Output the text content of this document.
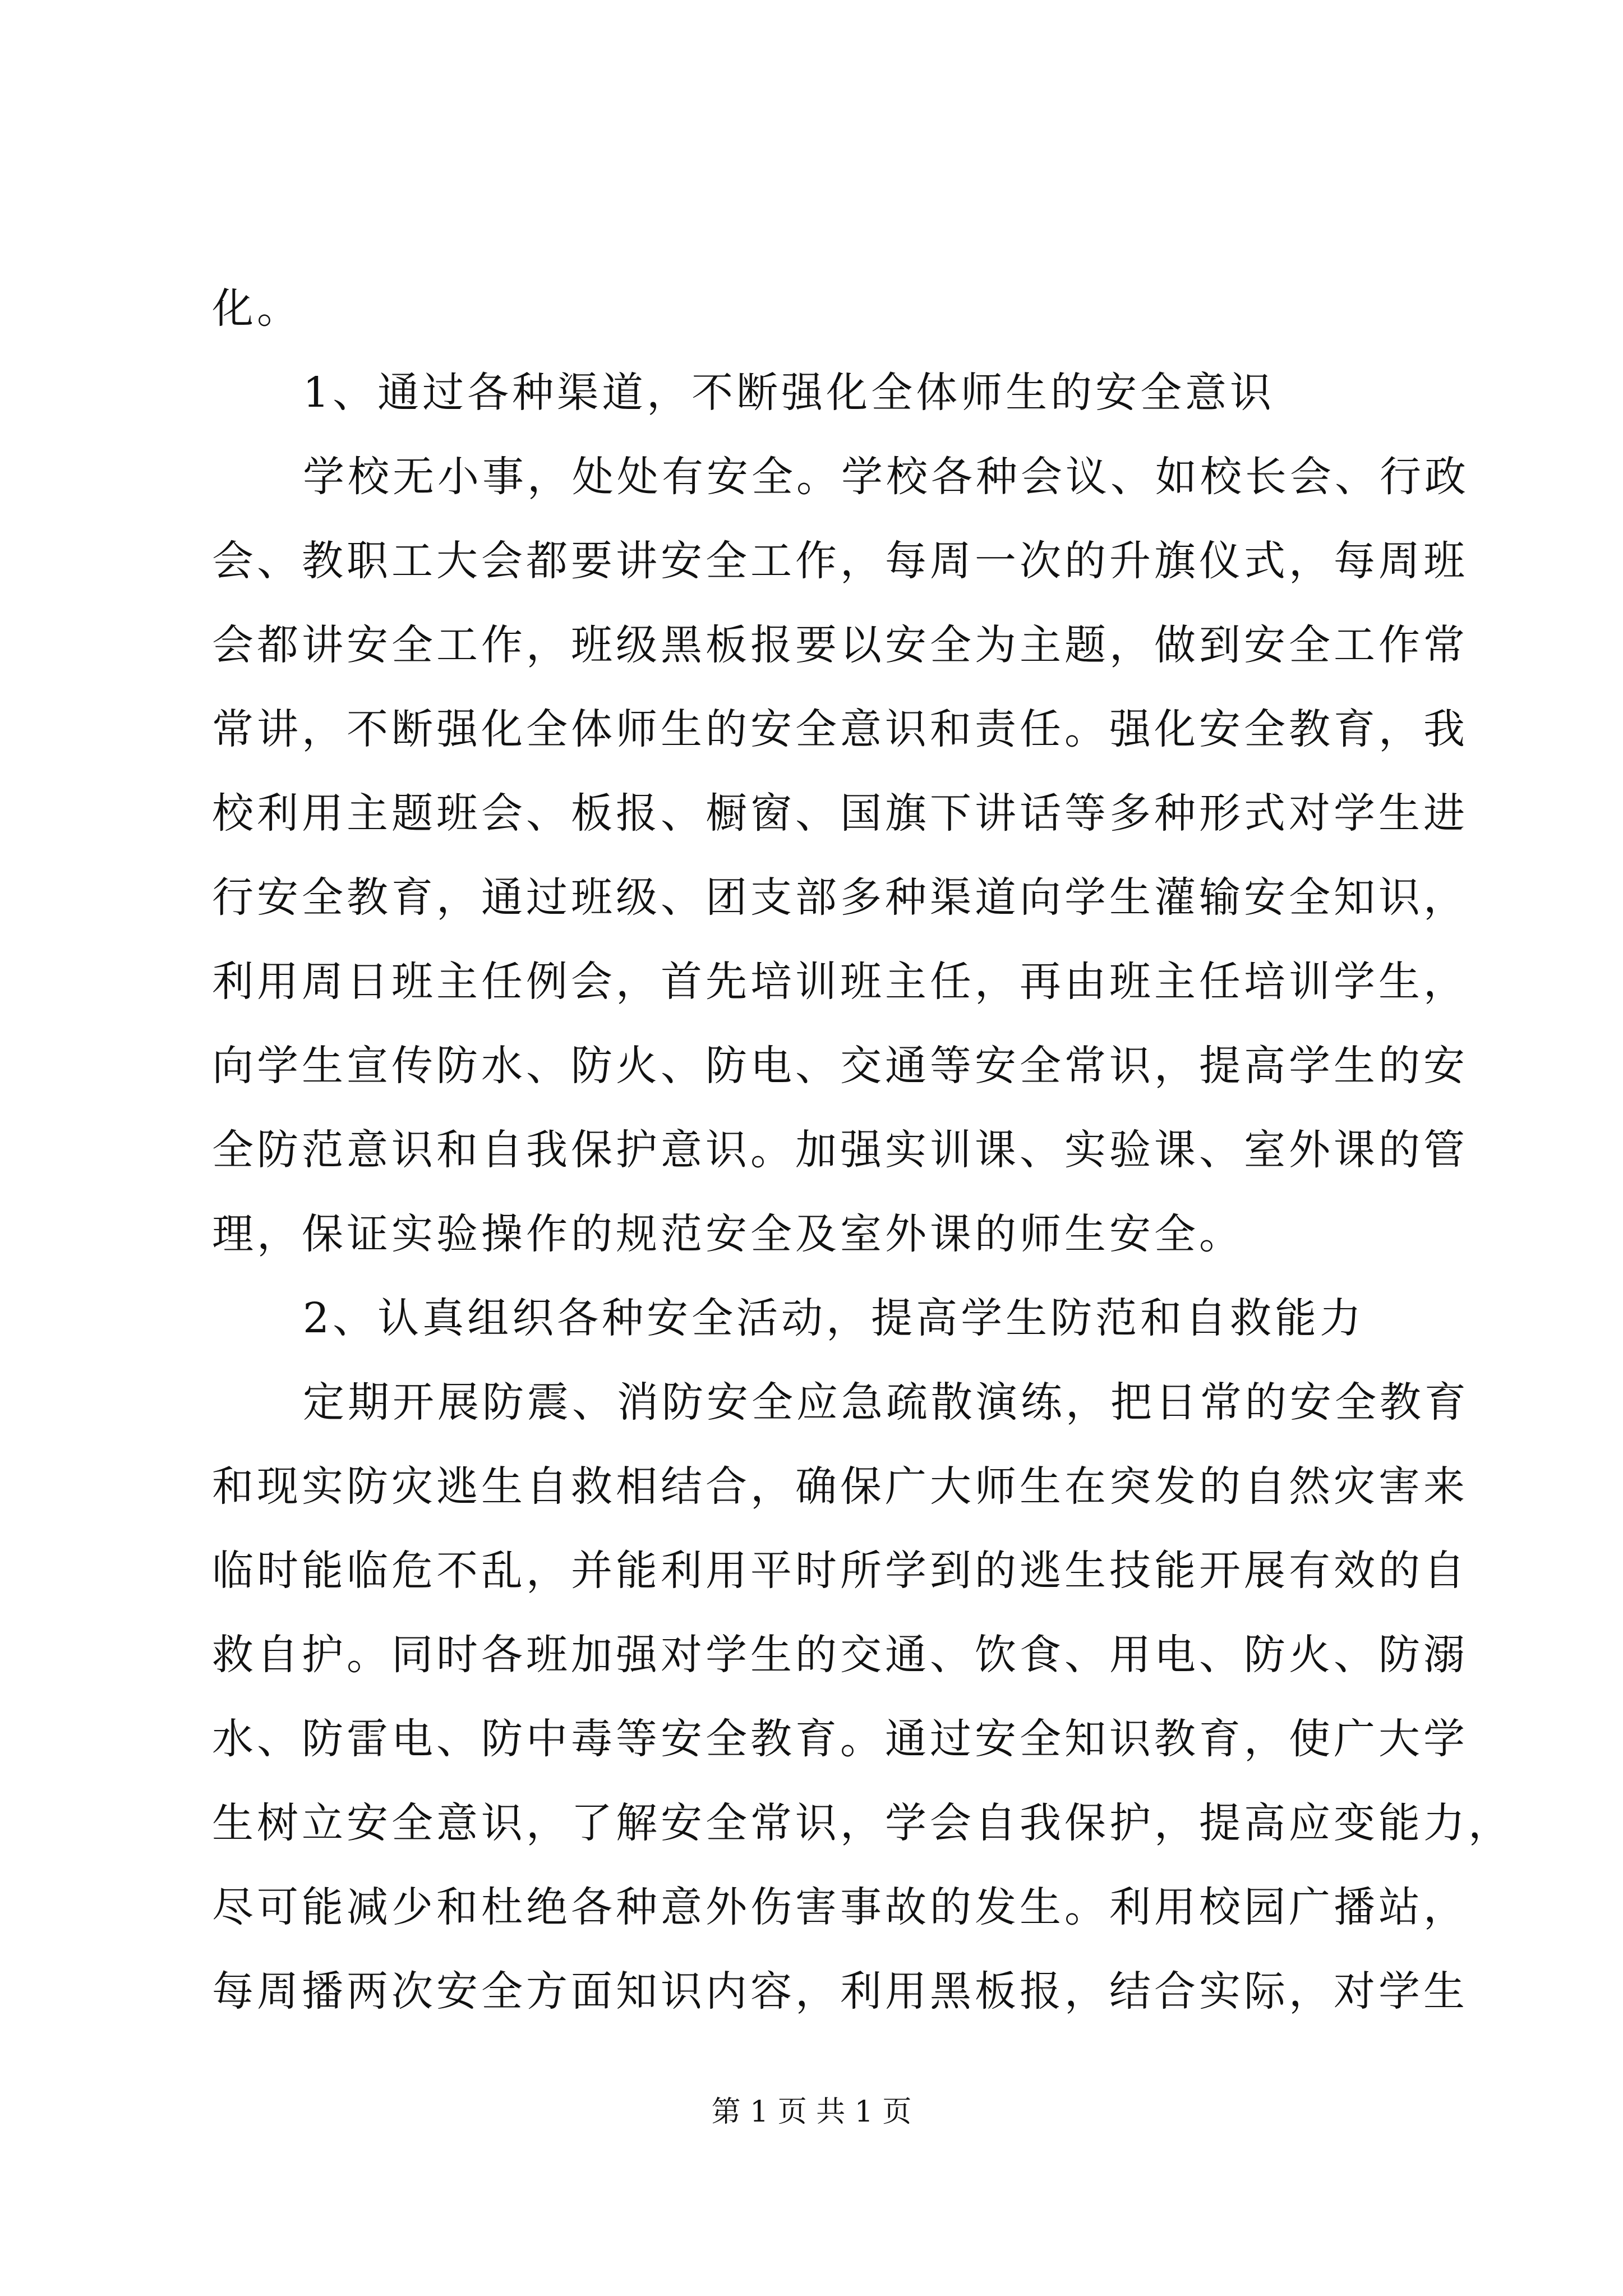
化。
1、通过各种渠道，不断强化全体师生的安全意识
学校无小事，处处有安全。学校各种会议、如校长会、行政
会、教职工大会都要讲安全工作，每周一次的升旗仪式，每周班
会都讲安全工作，班级黑板报要以安全为主题，做到安全工作常
常讲，不断强化全体师生的安全意识和责任。强化安全教育，我
校利用主题班会、板报、橱窗、国旗下讲话等多种形式对学生进
行安全教育，通过班级、团支部多种渠道向学生灌输安全知识，
利用周日班主任例会，首先培训班主任，再由班主任培训学生，
向学生宣传防水、防火、防电、交通等安全常识，提高学生的安
全防范意识和自我保护意识。加强实训课、实验课、室外课的管
理，保证实验操作的规范安全及室外课的师生安全。
2、认真组织各种安全活动，提高学生防范和自救能力
定期开展防震、消防安全应急疏散演练，把日常的安全教育
和现实防灾逃生自救相结合，确保广大师生在突发的自然灾害来
临时能临危不乱，并能利用平时所学到的逃生技能开展有效的自
救自护。同时各班加强对学生的交通、饮食、用电、防火、防溺
水、防雷电、防中毒等安全教育。通过安全知识教育，使广大学
生树立安全意识，了解安全常识，学会自我保护，提高应变能力，
尽可能减少和杜绝各种意外伤害事故的发生。利用校园广播站，
每周播两次安全方面知识内容，利用黑板报，结合实际，对学生
第 1 页 共 1 页
